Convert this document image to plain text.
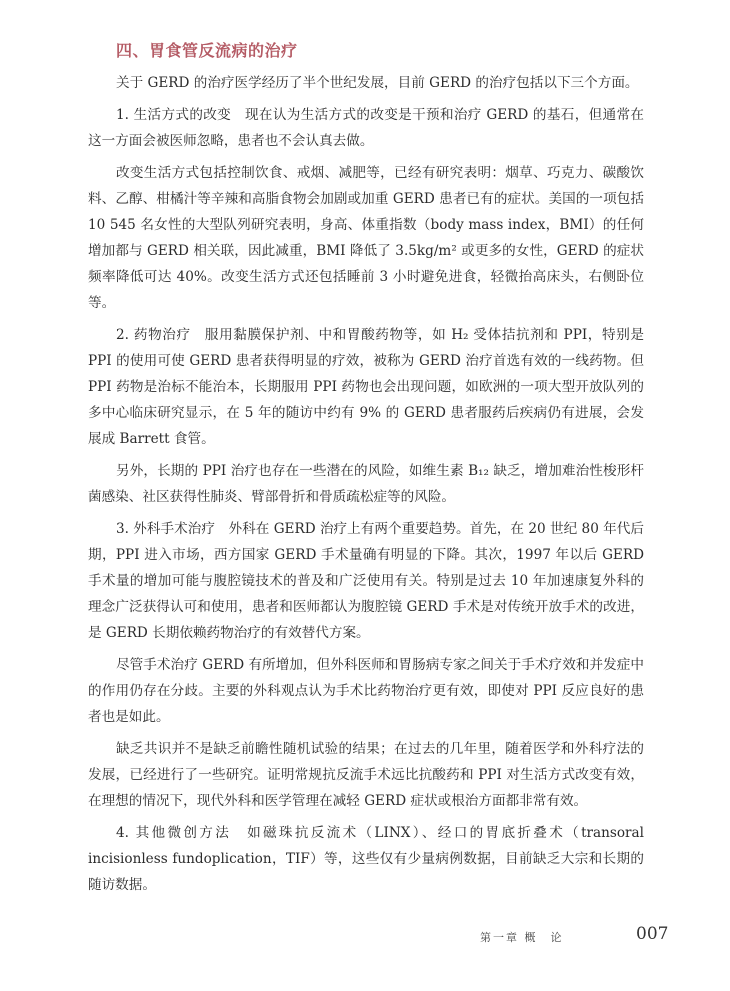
四、胃食管反流病的治疗

关于 GERD 的治疗医学经历了半个世纪发展，目前 GERD 的治疗包括以下三个方面。

1. 生活方式的改变　现在认为生活方式的改变是干预和治疗 GERD 的基石，但通常在这一方面会被医师忽略，患者也不会认真去做。

改变生活方式包括控制饮食、戒烟、减肥等，已经有研究表明：烟草、巧克力、碳酸饮料、乙醇、柑橘汁等辛辣和高脂食物会加剧或加重 GERD 患者已有的症状。美国的一项包括 10 545 名女性的大型队列研究表明，身高、体重指数（body mass index，BMI）的任何增加都与 GERD 相关联，因此减重，BMI 降低了 3.5kg/m² 或更多的女性，GERD 的症状频率降低可达 40%。改变生活方式还包括睡前 3 小时避免进食，轻微抬高床头，右侧卧位等。

2. 药物治疗　服用黏膜保护剂、中和胃酸药物等，如 H₂ 受体拮抗剂和 PPI，特别是 PPI 的使用可使 GERD 患者获得明显的疗效，被称为 GERD 治疗首选有效的一线药物。但 PPI 药物是治标不能治本，长期服用 PPI 药物也会出现问题，如欧洲的一项大型开放队列的多中心临床研究显示，在 5 年的随访中约有 9% 的 GERD 患者服药后疾病仍有进展，会发展成 Barrett 食管。

另外，长期的 PPI 治疗也存在一些潜在的风险，如维生素 B₁₂ 缺乏，增加难治性梭形杆菌感染、社区获得性肺炎、臂部骨折和骨质疏松症等的风险。

3. 外科手术治疗　外科在 GERD 治疗上有两个重要趋势。首先，在 20 世纪 80 年代后期，PPI 进入市场，西方国家 GERD 手术量确有明显的下降。其次，1997 年以后 GERD 手术量的增加可能与腹腔镜技术的普及和广泛使用有关。特别是过去 10 年加速康复外科的理念广泛获得认可和使用，患者和医师都认为腹腔镜 GERD 手术是对传统开放手术的改进，是 GERD 长期依赖药物治疗的有效替代方案。

尽管手术治疗 GERD 有所增加，但外科医师和胃肠病专家之间关于手术疗效和并发症中的作用仍存在分歧。主要的外科观点认为手术比药物治疗更有效，即使对 PPI 反应良好的患者也是如此。

缺乏共识并不是缺乏前瞻性随机试验的结果；在过去的几年里，随着医学和外科疗法的发展，已经进行了一些研究。证明常规抗反流手术远比抗酸药和 PPI 对生活方式改变有效，在理想的情况下，现代外科和医学管理在减轻 GERD 症状或根治方面都非常有效。

4. 其他微创方法　如磁珠抗反流术（LINX）、经口的胃底折叠术（transoral incisionless fundoplication，TIF）等，这些仅有少量病例数据，目前缺乏大宗和长期的随访数据。

第一章 概　论	007
